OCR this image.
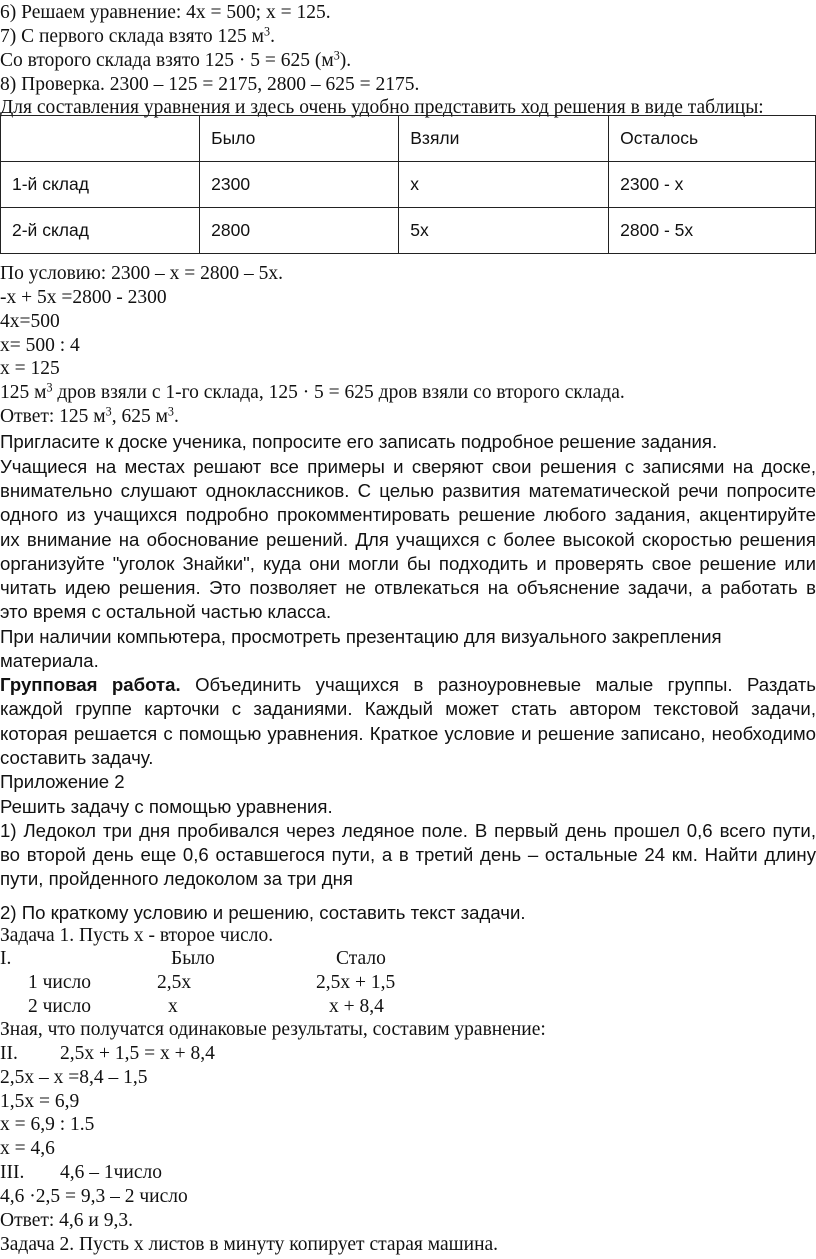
6) Решаем уравнение: 4х = 500; х = 125.
7) С первого склада взято 125 $м^3$.
Со второго склада взято 125 · 5 = 625 $(м^3)$.
8) Проверка. 2300 – 125 = 2175, 2800 – 625 = 2175.
Для составления уравнения и здесь очень удобно представить ход решения в виде таблицы:
	Было	Взяли	Осталось
1-й склад	2300	х	2300 - х
2-й склад	2800	5х	2800 - 5х
По условию: 2300 – х = 2800 – 5х.
-х + 5х =2800 - 2300
4х=500
х= 500 : 4
х = 125
125 $м^3$ дров взяли с 1-го склада, 125 · 5 = 625 дров взяли со второго склада.
Ответ: 125 $м^3$, 625 $м^3$.
Пригласите к доске ученика, попросите его записать подробное решение задания.
Учащиеся на местах решают все примеры и сверяют свои решения с записями на доске,
внимательно слушают одноклассников. С целью развития математической речи попросите
одного из учащихся подробно прокомментировать решение любого задания, акцентируйте
их внимание на обоснование решений. Для учащихся с более высокой скоростью решения
организуйте "уголок Знайки", куда они могли бы подходить и проверять свое решение или
читать идею решения. Это позволяет не отвлекаться на объяснение задачи, а работать в
это время с остальной частью класса.
При наличии компьютера, просмотреть презентацию для визуального закрепления
материала.
Групповая работа. Объединить учащихся в разноуровневые малые группы. Раздать
каждой группе карточки с заданиями. Каждый может стать автором текстовой задачи,
которая решается с помощью уравнения. Краткое условие и решение записано, необходимо
составить задачу.
Приложение 2
Решить задачу с помощью уравнения.
1) Ледокол три дня пробивался через ледяное поле. В первый день прошел 0,6 всего пути,
во второй день еще 0,6 оставшегося пути, а в третий день – остальные 24 км. Найти длину
пути, пройденного ледоколом за три дня
2) По краткому условию и решению, составить текст задачи.
Задача 1. Пусть х - второе число.
I.	Было	Стало
1 число	2,5х	2,5х + 1,5
2 число	х	х + 8,4
Зная, что получатся одинаковые результаты, составим уравнение:
II. 2,5х + 1,5 = х + 8,4
2,5х – х =8,4 – 1,5
1,5х = 6,9
х = 6,9 : 1.5
х = 4,6
III. 4,6 – 1число
4,6 ·2,5 = 9,3 – 2 число
Ответ: 4,6 и 9,3.
Задача 2. Пусть х листов в минуту копирует старая машина.
